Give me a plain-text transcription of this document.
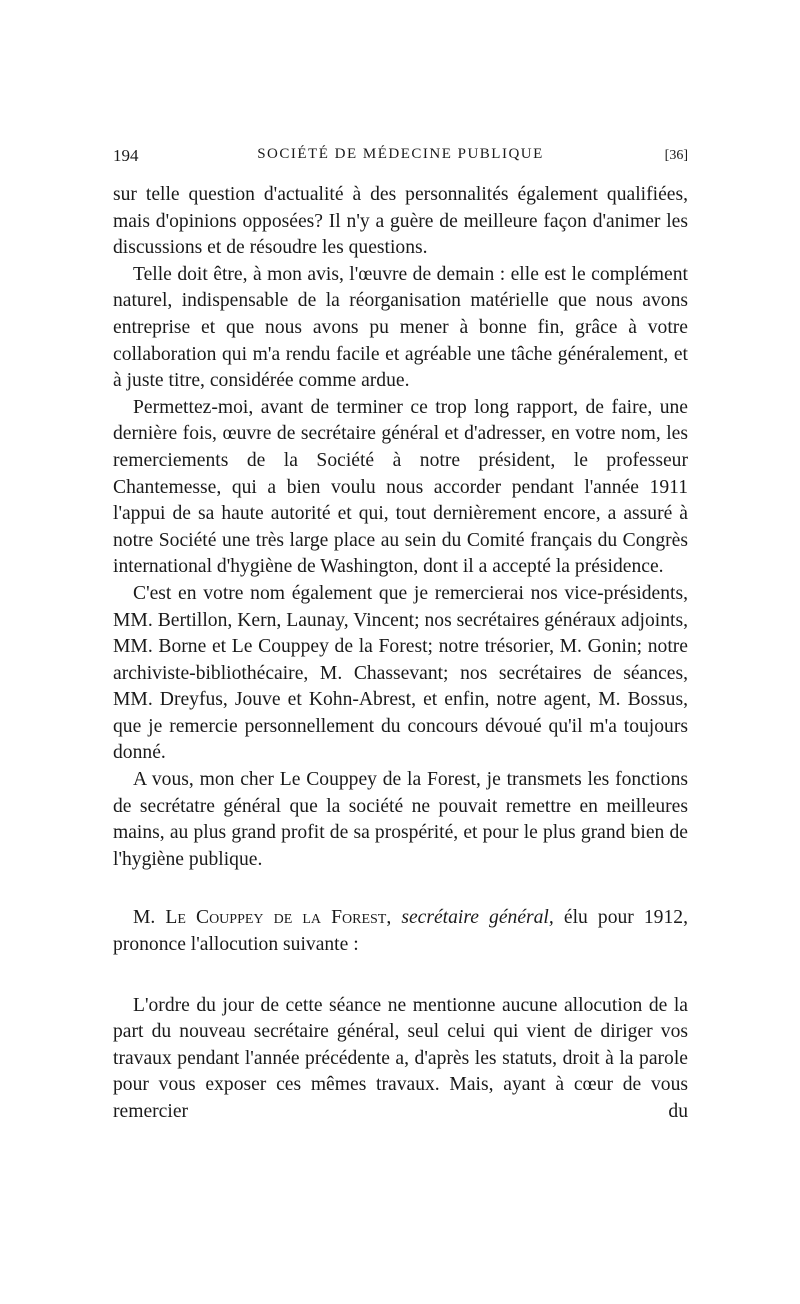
194	SOCIÉTÉ DE MÉDECINE PUBLIQUE	[36]

sur telle question d'actualité à des personnalités également qualifiées, mais d'opinions opposées? Il n'y a guère de meilleure façon d'animer les discussions et de résoudre les questions.

Telle doit être, à mon avis, l'œuvre de demain : elle est le complément naturel, indispensable de la réorganisation matérielle que nous avons entreprise et que nous avons pu mener à bonne fin, grâce à votre collaboration qui m'a rendu facile et agréable une tâche généralement, et à juste titre, considérée comme ardue.

Permettez-moi, avant de terminer ce trop long rapport, de faire, une dernière fois, œuvre de secrétaire général et d'adresser, en votre nom, les remerciements de la Société à notre président, le professeur Chantemesse, qui a bien voulu nous accorder pendant l'année 1911 l'appui de sa haute autorité et qui, tout dernièrement encore, a assuré à notre Société une très large place au sein du Comité français du Congrès international d'hygiène de Washington, dont il a accepté la présidence.

C'est en votre nom également que je remercierai nos vice-présidents, MM. Bertillon, Kern, Launay, Vincent; nos secrétaires généraux adjoints, MM. Borne et Le Couppey de la Forest; notre trésorier, M. Gonin; notre archiviste-bibliothécaire, M. Chassevant; nos secrétaires de séances, MM. Dreyfus, Jouve et Kohn-Abrest, et enfin, notre agent, M. Bossus, que je remercie personnellement du concours dévoué qu'il m'a toujours donné.

A vous, mon cher Le Couppey de la Forest, je transmets les fonctions de secrétatre général que la société ne pouvait remettre en meilleures mains, au plus grand profit de sa prospérité, et pour le plus grand bien de l'hygiène publique.

M. Le Couppey de la Forest, secrétaire général, élu pour 1912, prononce l'allocution suivante :

L'ordre du jour de cette séance ne mentionne aucune allocution de la part du nouveau secrétaire général, seul celui qui vient de diriger vos travaux pendant l'année précédente a, d'après les statuts, droit à la parole pour vous exposer ces mêmes travaux. Mais, ayant à cœur de vous remercier du
